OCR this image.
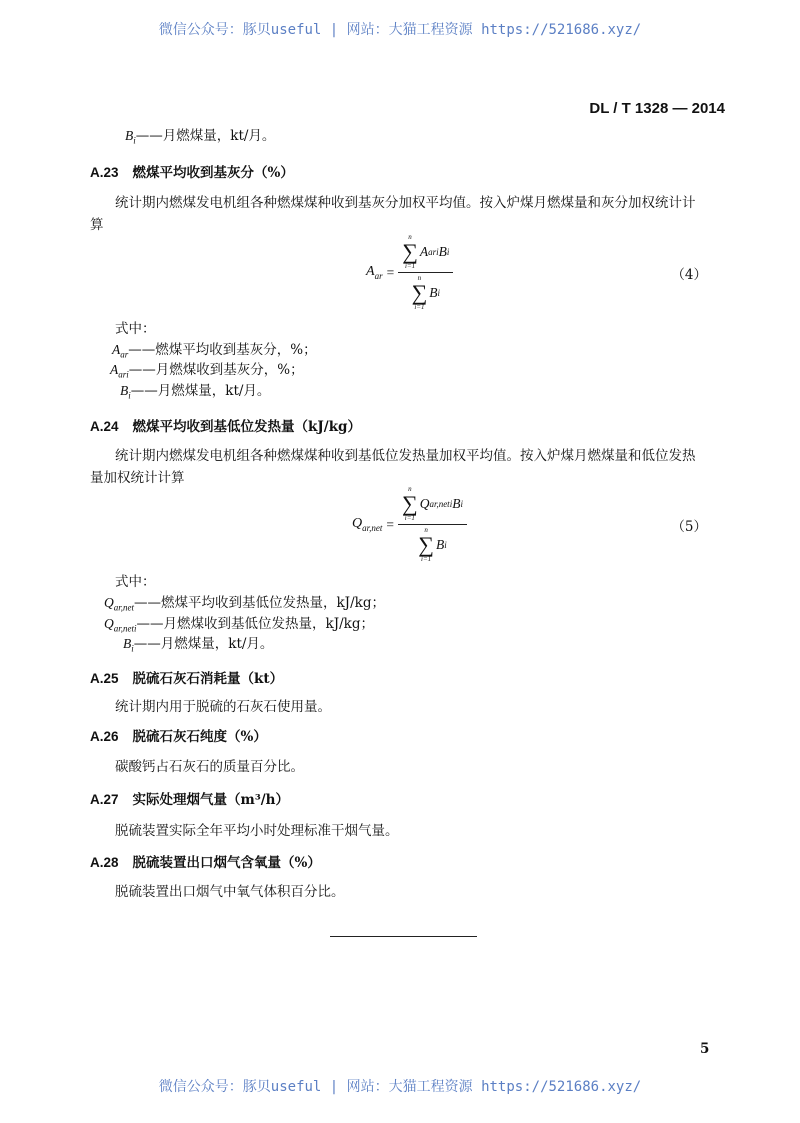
微信公众号：豚贝useful | 网站：大猫工程资源 https://521686.xyz/
DL / T 1328 — 2014
$B_i——$月燃煤量，kt/月。
A.23 燃煤平均收到基灰分（%）
统计期内燃煤发电机组各种燃煤煤种收到基灰分加权平均值。按入炉煤月燃煤量和灰分加权统计计
算
$A_{ar}$ =
n
∑
i=1
A ari B i
n
∑
i=1
B i
（4）
式中：
$A_{ar}——$燃煤平均收到基灰分，%；
$A_{ari}——$月燃煤收到基灰分，%；
$B_i——$月燃煤量，kt/月。
A.24 燃煤平均收到基低位发热量（kJ/kg）
统计期内燃煤发电机组各种燃煤煤种收到基低位发热量加权平均值。按入炉煤月燃煤量和低位发热
量加权统计计算
$Q_{ar,net}$ =
n
∑
i=1
Q ar,neti B i
n
∑
i=1
B i
（5）
式中：
$Q_{ar,net}——$燃煤平均收到基低位发热量，kJ/kg；
$Q_{ar,neti}——$月燃煤收到基低位发热量，kJ/kg；
$B_i——$月燃煤量，kt/月。
A.25 脱硫石灰石消耗量（kt）
统计期内用于脱硫的石灰石使用量。
A.26 脱硫石灰石纯度（%）
碳酸钙占石灰石的质量百分比。
A.27 实际处理烟气量（m³/h）
脱硫装置实际全年平均小时处理标准干烟气量。
A.28 脱硫装置出口烟气含氧量（%）
脱硫装置出口烟气中氧气体积百分比。
5
微信公众号：豚贝useful | 网站：大猫工程资源 https://521686.xyz/
